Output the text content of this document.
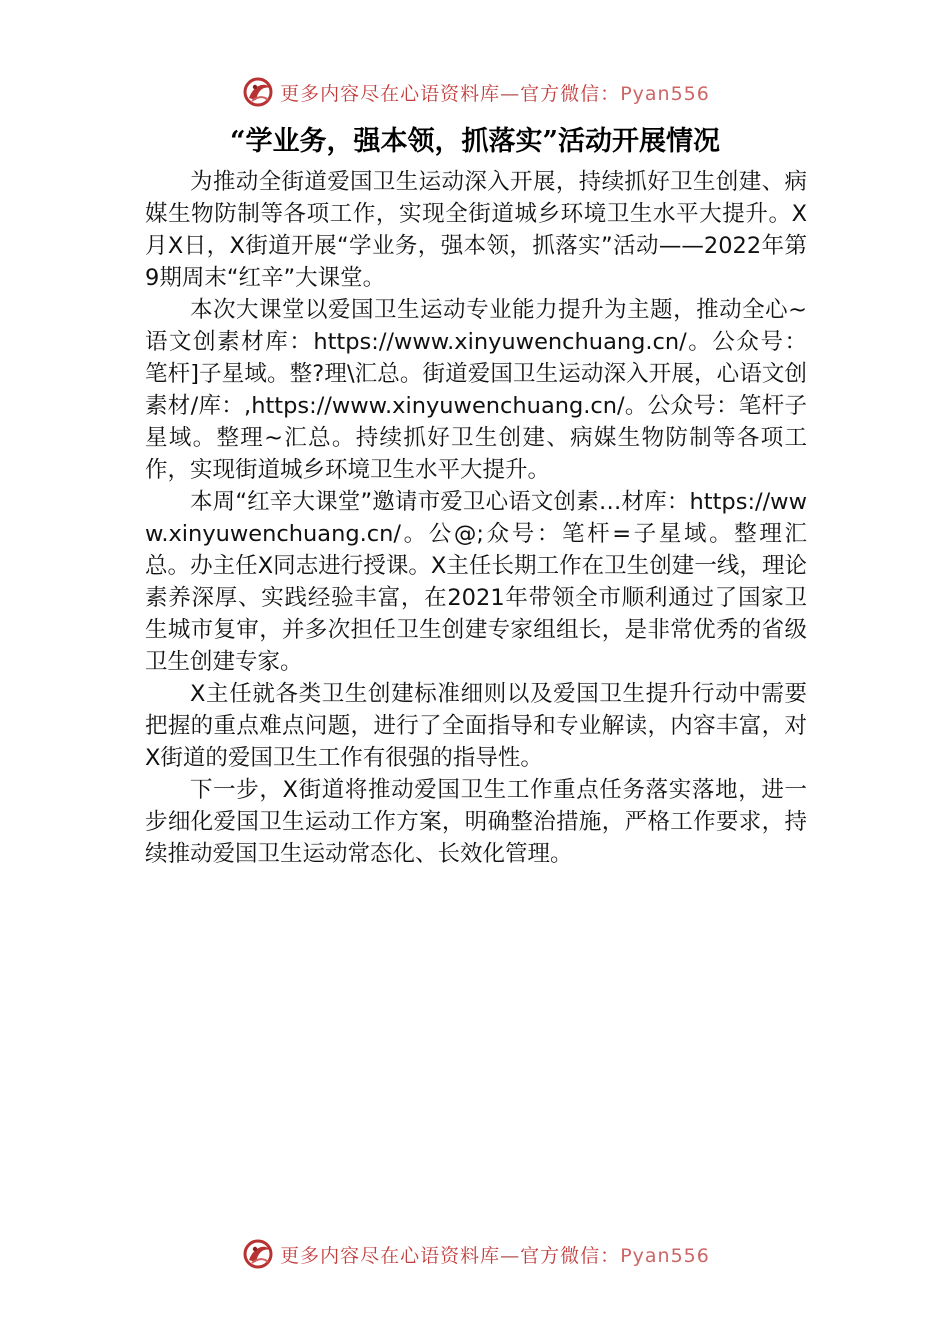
更多内容尽在心语资料库—官方微信：Pyan556
“学业务，强本领，抓落实”活动开展情况

为推动全街道爱国卫生运动深入开展，持续抓好卫生创建、病媒生物防制等各项工作，实现全街道城乡环境卫生水平大提升。X月X日，X街道开展“学业务，强本领，抓落实”活动——2022年第9期周末“红辛”大课堂。

本次大课堂以爱国卫生运动专业能力提升为主题，推动全心~语文创素材库：https://www.xinyuwenchuang.cn/。公众号：笔杆]子星域。整?理\汇总。街道爱国卫生运动深入开展，心语文创素材/库：,https://www.xinyuwenchuang.cn/。公众号：笔杆子星域。整理~汇总。持续抓好卫生创建、病媒生物防制等各项工作，实现街道城乡环境卫生水平大提升。

本周“红辛大课堂”邀请市爱卫心语文创素…材库：https://www.xinyuwenchuang.cn/。公@;众号：笔杆=子星域。整理汇总。办主任X同志进行授课。X主任长期工作在卫生创建一线，理论素养深厚、实践经验丰富，在2021年带领全市顺利通过了国家卫生城市复审，并多次担任卫生创建专家组组长，是非常优秀的省级卫生创建专家。

X主任就各类卫生创建标准细则以及爱国卫生提升行动中需要把握的重点难点问题，进行了全面指导和专业解读，内容丰富，对X街道的爱国卫生工作有很强的指导性。

下一步，X街道将推动爱国卫生工作重点任务落实落地，进一步细化爱国卫生运动工作方案，明确整治措施，严格工作要求，持续推动爱国卫生运动常态化、长效化管理。

更多内容尽在心语资料库—官方微信：Pyan556
